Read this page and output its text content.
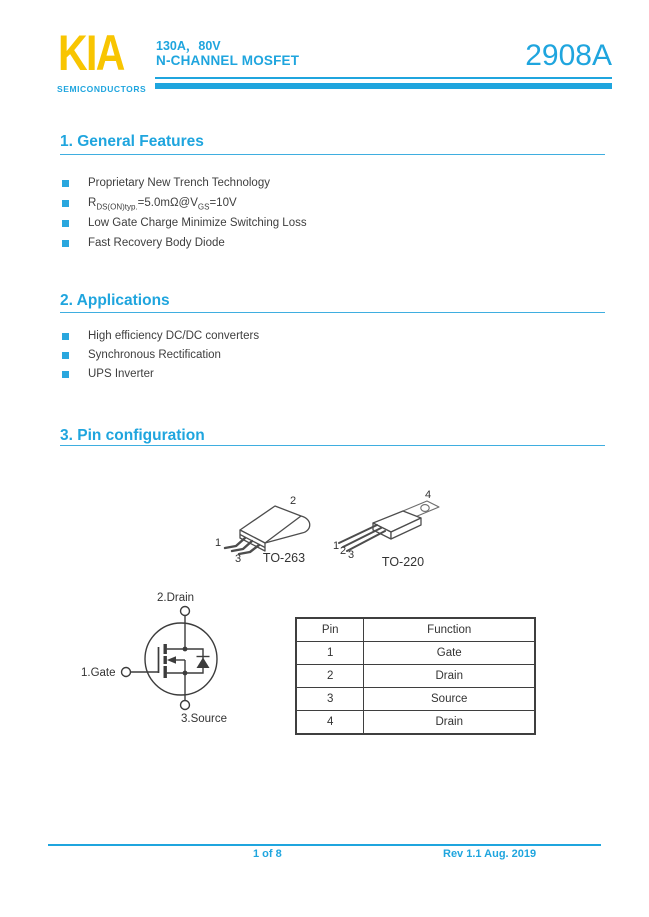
KIA
SEMICONDUCTORS
130A，80V
N-CHANNEL MOSFET	2908A
1. General Features
Proprietary New Trench Technology
$R_{DS(ON)typ.}=5.0m\Omega@V_{GS}=10V$
Low Gate Charge Minimize Switching Loss
Fast Recovery Body Diode
2. Applications
High efficiency DC/DC converters
Synchronous Rectification
UPS Inverter
3. Pin configuration
2
1
3 TO-263
1 2 3
4
TO-220
2.Drain
1.Gate
3.Source
Pin	Function
1	Gate
2	Drain
3	Source
4	Drain
1 of 8	Rev 1.1 Aug. 2019
